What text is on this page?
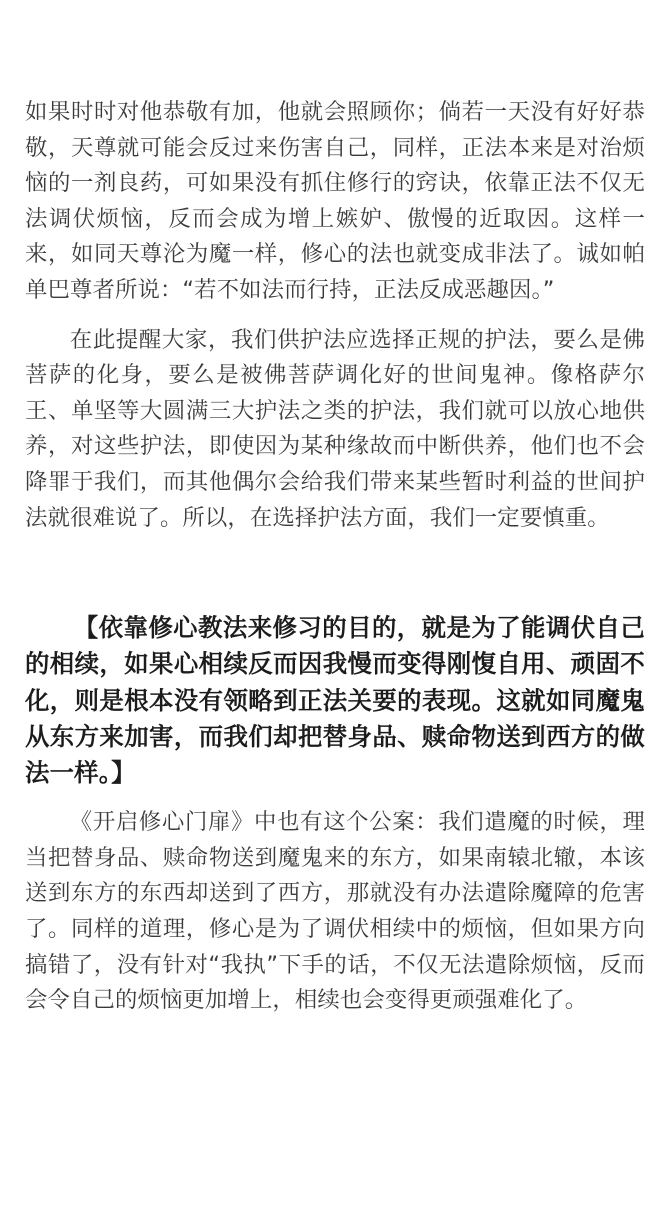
如果时时对他恭敬有加，他就会照顾你；倘若一天没有好好恭敬，天尊就可能会反过来伤害自己，同样，正法本来是对治烦恼的一剂良药，可如果没有抓住修行的窍诀，依靠正法不仅无法调伏烦恼，反而会成为增上嫉妒、傲慢的近取因。这样一来，如同天尊沦为魔一样，修心的法也就变成非法了。诚如帕单巴尊者所说：“若不如法而行持，正法反成恶趣因。”

在此提醒大家，我们供护法应选择正规的护法，要么是佛菩萨的化身，要么是被佛菩萨调化好的世间鬼神。像格萨尔王、单坚等大圆满三大护法之类的护法，我们就可以放心地供养，对这些护法，即使因为某种缘故而中断供养，他们也不会降罪于我们，而其他偶尔会给我们带来某些暂时利益的世间护法就很难说了。所以，在选择护法方面，我们一定要慎重。

【依靠修心教法来修习的目的，就是为了能调伏自己的相续，如果心相续反而因我慢而变得刚愎自用、顽固不化，则是根本没有领略到正法关要的表现。这就如同魔鬼从东方来加害，而我们却把替身品、赎命物送到西方的做法一样。】

《开启修心门扉》中也有这个公案：我们遣魔的时候，理当把替身品、赎命物送到魔鬼来的东方，如果南辕北辙，本该送到东方的东西却送到了西方，那就没有办法遣除魔障的危害了。同样的道理，修心是为了调伏相续中的烦恼，但如果方向搞错了，没有针对“我执”下手的话，不仅无法遣除烦恼，反而会令自己的烦恼更加增上，相续也会变得更顽强难化了。
